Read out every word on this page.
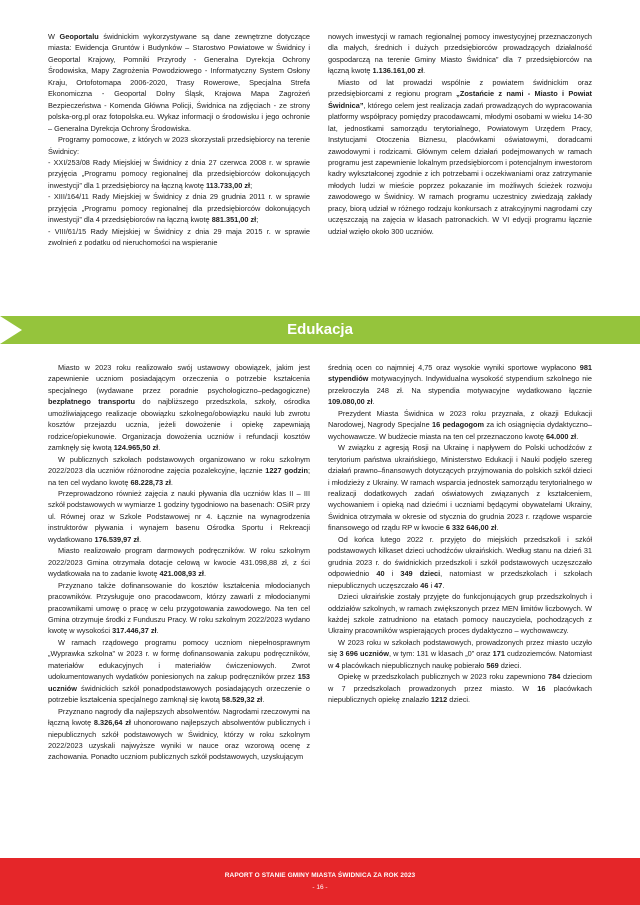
W Geoportalu świdnickim wykorzystywane są dane zewnętrzne dotyczące miasta: Ewidencja Gruntów i Budynków – Starostwo Powiatowe w Świdnicy i Geoportal Krajowy, Pomniki Przyrody - Generalna Dyrekcja Ochrony Środowiska, Mapy Zagrożenia Powodziowego - Informatyczny System Osłony Kraju, Ortofotomapa 2006-2020, Trasy Rowerowe, Specjalna Strefa Ekonomiczna - Geoportal Dolny Śląsk, Krajowa Mapa Zagrożeń Bezpieczeństwa - Komenda Główna Policji, Świdnica na zdjęciach - ze strony polska-org.pl oraz fotopolska.eu. Wykaz informacji o środowisku i jego ochronie – Generalna Dyrekcja Ochrony Środowiska.

Programy pomocowe, z których w 2023 skorzystali przedsiębiorcy na terenie Świdnicy:

- XXI/253/08 Rady Miejskiej w Świdnicy z dnia 27 czerwca 2008 r. w sprawie przyjęcia „Programu pomocy regionalnej dla przedsiębiorców dokonujących inwestycji” dla 1 przedsiębiorcy na łączną kwotę 113.733,00 zł;

- XIII/164/11 Rady Miejskiej w Świdnicy z dnia 29 grudnia 2011 r. w sprawie przyjęcia „Programu pomocy regionalnej dla przedsiębiorców dokonujących inwestycji” dla 4 przedsiębiorców na łączną kwotę 881.351,00 zł;

- VIII/61/15 Rady Miejskiej w Świdnicy z dnia 29 maja 2015 r. w sprawie zwolnień z podatku od nieruchomości na wspieranie

nowych inwestycji w ramach regionalnej pomocy inwestycyjnej przeznaczonych dla małych, średnich i dużych przedsiębiorców prowadzących działalność gospodarczą na terenie Gminy Miasto Świdnica” dla 7 przedsiębiorców na łączną kwotę 1.136.161,00 zł.

Miasto od lat prowadzi wspólnie z powiatem świdnickim oraz przedsiębiorcami z regionu program „Zostańcie z nami - Miasto i Powiat Świdnica”, którego celem jest realizacja zadań prowadzących do wypracowania platformy współpracy pomiędzy pracodawcami, młodymi osobami w wieku 14-30 lat, jednostkami samorządu terytorialnego, Powiatowym Urzędem Pracy, Instytucjami Otoczenia Biznesu, placówkami oświatowymi, doradcami zawodowymi i rodzicami. Głównym celem działań podejmowanych w ramach programu jest zapewnienie lokalnym przedsiębiorcom i potencjalnym inwestorom kadry wykształconej zgodnie z ich potrzebami i oczekiwaniami oraz zatrzymanie młodych ludzi w mieście poprzez pokazanie im możliwych ścieżek rozwoju zawodowego w Świdnicy. W ramach programu uczestnicy zwiedzają zakłady pracy, biorą udział w różnego rodzaju konkursach z atrakcyjnymi nagrodami czy uczęszczają na zajęcia w klasach patronackich. W VI edycji programu łącznie udział wzięło około 300 uczniów.

Edukacja

Miasto w 2023 roku realizowało swój ustawowy obowiązek, jakim jest zapewnienie uczniom posiadającym orzeczenia o potrzebie kształcenia specjalnego (wydawane przez poradnie psychologiczno–pedagogiczne) bezpłatnego transportu do najbliższego przedszkola, szkoły, ośrodka umożliwiającego realizacje obowiązku szkolnego/obowiązku nauki lub zwrotu kosztów przejazdu ucznia, jeżeli dowożenie i opiekę zapewniają rodzice/opiekunowie. Organizacja dowożenia uczniów i refundacji kosztów zamknęły się kwotą 124.965,50 zł.

W publicznych szkołach podstawowych organizowano w roku szkolnym 2022/2023 dla uczniów różnorodne zajęcia pozalekcyjne, łącznie 1227 godzin; na ten cel wydano kwotę 68.228,73 zł.

Przeprowadzono również zajęcia z nauki pływania dla uczniów klas II – III szkół podstawowych w wymiarze 1 godziny tygodniowo na basenach: OSiR przy ul. Równej oraz w Szkole Podstawowej nr 4. Łącznie na wynagrodzenia instruktorów pływania i wynajem basenu Ośrodka Sportu i Rekreacji wydatkowano 176.539,97 zł.

Miasto realizowało program darmowych podręczników. W roku szkolnym 2022/2023 Gmina otrzymała dotacje celową w kwocie 431.098,88 zł, z ści wydatkowała na to zadanie kwotę 421.008,93 zł.

Przyznano także dofinansowanie do kosztów kształcenia młodocianych pracowników. Przysługuje ono pracodawcom, którzy zawarli z młodocianymi pracownikami umowę o pracę w celu przygotowania zawodowego. Na ten cel Gmina otrzymuje środki z Funduszu Pracy. W roku szkolnym 2022/2023 wydano kwotę w wysokości 317.446,37 zł.

W ramach rządowego programu pomocy uczniom niepełnosprawnym „Wyprawka szkolna” w 2023 r. w formę dofinansowania zakupu podręczników, materiałów edukacyjnych i materiałów ćwiczeniowych. Zwrot udokumentowanych wydatków poniesionych na zakup podręczników przez 153 uczniów świdnickich szkół ponadpodstawowych posiadających orzeczenie o potrzebie kształcenia specjalnego zamknął się kwotą 58.529,32 zł.

Przyznano nagrody dla najlepszych absolwentów. Nagrodami rzeczowymi na łączną kwotę 8.326,64 zł uhonorowano najlepszych absolwentów publicznych i niepublicznych szkół podstawowych w Świdnicy, którzy w roku szkolnym 2022/2023 uzyskali najwyższe wyniki w nauce oraz wzorową ocenę z zachowania. Ponadto uczniom publicznych szkół podstawowych, uzyskującym

średnią ocen co najmniej 4,75 oraz wysokie wyniki sportowe wypłacono 981 stypendiów motywacyjnych. Indywidualna wysokość stypendium szkolnego nie przekroczyła 248 zł. Na stypendia motywacyjne wydatkowano łącznie 109.080,00 zł.

Prezydent Miasta Świdnica w 2023 roku przyznała, z okazji Edukacji Narodowej, Nagrody Specjalne 16 pedagogom za ich osiągnięcia dydaktyczno–wychowawcze. W budżecie miasta na ten cel przeznaczono kwotę 64.000 zł.

W związku z agresją Rosji na Ukrainę i napływem do Polski uchodźców z terytorium państwa ukraińskiego, Ministerstwo Edukacji i Nauki podjęło szereg działań prawno–finansowych dotyczących przyjmowania do polskich szkół dzieci i młodzieży z Ukrainy. W ramach wsparcia jednostek samorządu terytorialnego w realizacji dodatkowych zadań oświatowych związanych z kształceniem, wychowaniem i opieką nad dziećmi i uczniami będącymi obywatelami Ukrainy, Świdnica otrzymała w okresie od stycznia do grudnia 2023 r. rządowe wsparcie finansowego od rządu RP w kwocie 6 332 646,00 zł.

Od końca lutego 2022 r. przyjęto do miejskich przedszkoli i szkół podstawowych kilkaset dzieci uchodźców ukraińskich. Według stanu na dzień 31 grudnia 2023 r. do świdnickich przedszkoli i szkół podstawowych uczęszczało odpowiednio 40 i 349 dzieci, natomiast w przedszkolach i szkołach niepublicznych uczęszczało 46 i 47.

Dzieci ukraińskie zostały przyjęte do funkcjonujących grup przedszkolnych i oddziałów szkolnych, w ramach zwiększonych przez MEN limitów liczbowych. W każdej szkole zatrudniono na etatach pomocy nauczyciela, pochodzących z Ukrainy pracowników wspierających proces dydaktyczno – wychowawczy.

W 2023 roku w szkołach podstawowych, prowadzonych przez miasto uczyło się 3 696 uczniów, w tym: 131 w klasach „0” oraz 171 cudzoziemców. Natomiast w 4 placówkach niepublicznych naukę pobierało 569 dzieci.

Opiekę w przedszkolach publicznych w 2023 roku zapewniono 784 dzieciom w 7 przedszkolach prowadzonych przez miasto. W 16 placówkach niepublicznych opiekę znalazło 1212 dzieci.

RAPORT O STANIE GMINY MIASTA ŚWIDNICA ZA ROK 2023
- 16 -
